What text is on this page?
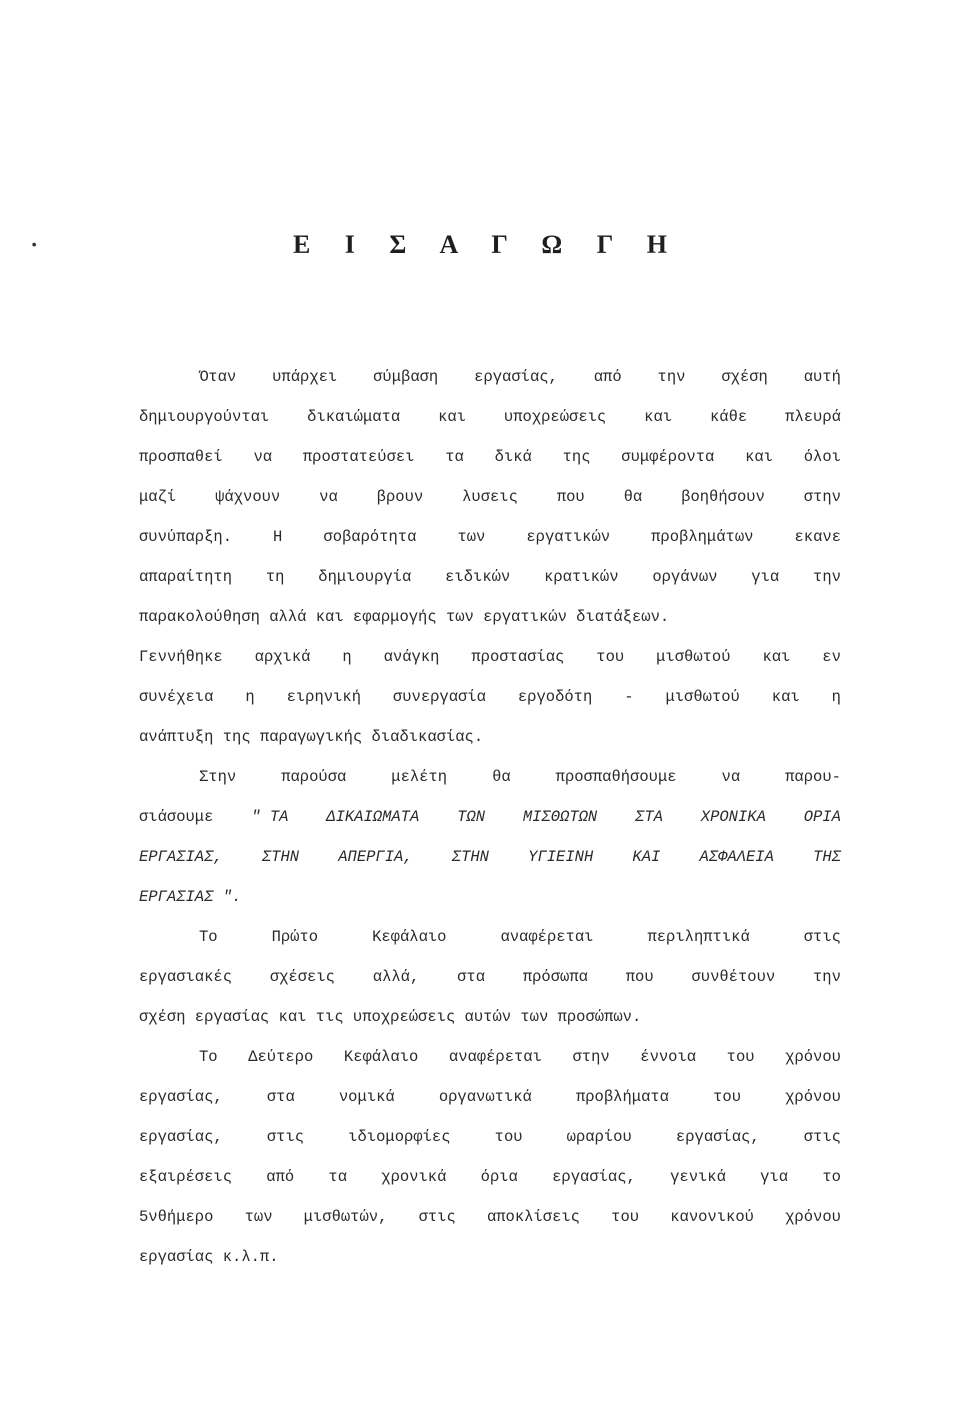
•	Ε Ι Σ Α Γ Ω Γ Η
Όταν υπάρχει σύμβαση εργασίας, από την σχέση αυτή
δημιουργούνται δικαιώματα και υποχρεώσεις και κάθε πλευρά
προσπαθεί να προστατεύσει τα δικά της συμφέροντα και όλοι
μαζί	ψάχνουν	να	βρουν	λυσεις	που	θα	βοηθήσουν	στην
συνύπαρξη.	Η	σοβαρότητα	των	εργατικών	προβλημάτων	εκανε
απαραίτητη τη δημιουργία ειδικών κρατικών οργάνων για την
παρακολούθηση αλλά και εφαρμογής των εργατικών διατάξεων.
Γεννήθηκε αρχικά η ανάγκη προστασίας του μισθωτού και εν
συνέχεια η ειρηνική συνεργασία εργοδότη - μισθωτού και η
ανάπτυξη της παραγωγικής διαδικασίας.
Στην	παρούσα	μελέτη	θα	προσπαθήσουμε	να	παρου-
σιάσουμε " ΤΑ ΔΙΚΑΙΩΜΑΤΑ ΤΩΝ ΜΙΣΘΩΤΩΝ ΣΤΑ ΧΡΟΝΙΚΑ ΟΡΙΑ
ΕΡΓΑΣΙΑΣ,	ΣΤΗΝ	ΑΠΕΡΓΙΑ,	ΣΤΗΝ	ΥΓΙΕΙΝΗ	ΚΑΙ	ΑΣΦΑΛΕΙΑ	ΤΗΣ
ΕΡΓΑΣΙΑΣ ".
Το	Πρώτο	Κεφάλαιο	αναφέρεται	περιληπτικά	στις
εργασιακές σχέσεις αλλά, στα πρόσωπα που συνθέτουν την
σχέση εργασίας και τις υποχρεώσεις αυτών των προσώπων.
Το Δεύτερο Κεφάλαιο αναφέρεται στην έννοια του χρόνου
εργασίας,	στα	νομικά	οργανωτικά	προβλήματα	του	χρόνου
εργασίας,	στις	ιδιομορφίες	του	ωραρίου	εργασίας,	στις
εξαιρέσεις από τα χρονικά όρια εργασίας, γενικά για το
5νθήμερο των μισθωτών, στις αποκλίσεις του κανονικού χρόνου
εργασίας κ.λ.π.
